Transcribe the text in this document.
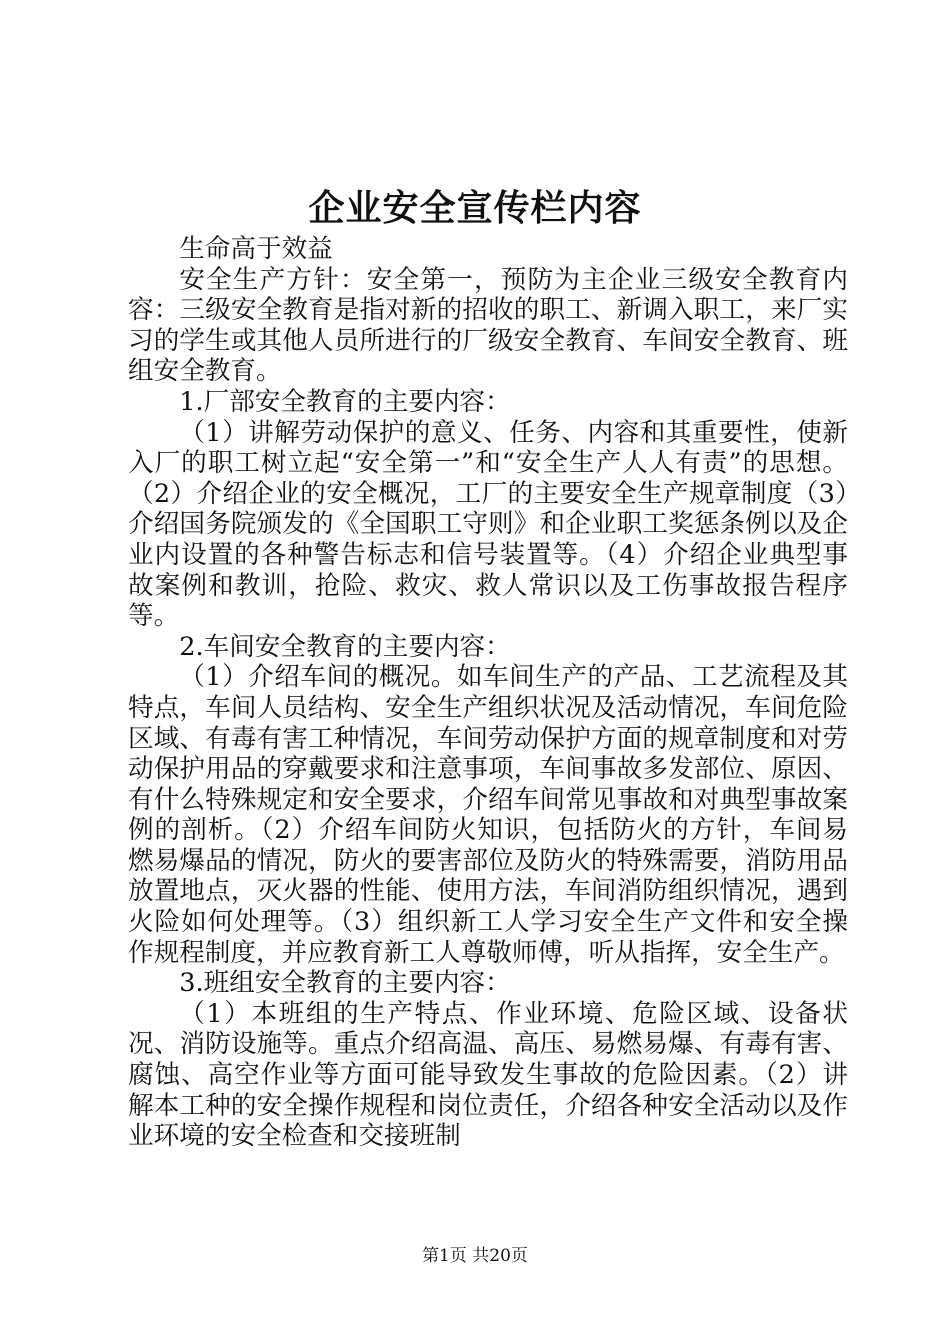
企业安全宣传栏内容

生命高于效益

安全生产方针：安全第一，预防为主企业三级安全教育内容：三级安全教育是指对新的招收的职工、新调入职工，来厂实习的学生或其他人员所进行的厂级安全教育、车间安全教育、班组安全教育。

1.厂部安全教育的主要内容：

（1）讲解劳动保护的意义、任务、内容和其重要性，使新入厂的职工树立起“安全第一”和“安全生产人人有责”的思想。（2）介绍企业的安全概况，工厂的主要安全生产规章制度（3）介绍国务院颁发的《全国职工守则》和企业职工奖惩条例以及企业内设置的各种警告标志和信号装置等。（4）介绍企业典型事故案例和教训，抢险、救灾、救人常识以及工伤事故报告程序等。

2.车间安全教育的主要内容：

（1）介绍车间的概况。如车间生产的产品、工艺流程及其特点，车间人员结构、安全生产组织状况及活动情况，车间危险区域、有毒有害工种情况，车间劳动保护方面的规章制度和对劳动保护用品的穿戴要求和注意事项，车间事故多发部位、原因、有什么特殊规定和安全要求，介绍车间常见事故和对典型事故案例的剖析。（2）介绍车间防火知识，包括防火的方针，车间易燃易爆品的情况，防火的要害部位及防火的特殊需要，消防用品放置地点，灭火器的性能、使用方法，车间消防组织情况，遇到火险如何处理等。（3）组织新工人学习安全生产文件和安全操作规程制度，并应教育新工人尊敬师傅，听从指挥，安全生产。

3.班组安全教育的主要内容：

（1）本班组的生产特点、作业环境、危险区域、设备状况、消防设施等。重点介绍高温、高压、易燃易爆、有毒有害、腐蚀、高空作业等方面可能导致发生事故的危险因素。（2）讲解本工种的安全操作规程和岗位责任，介绍各种安全活动以及作业环境的安全检查和交接班制

第1页 共20页
